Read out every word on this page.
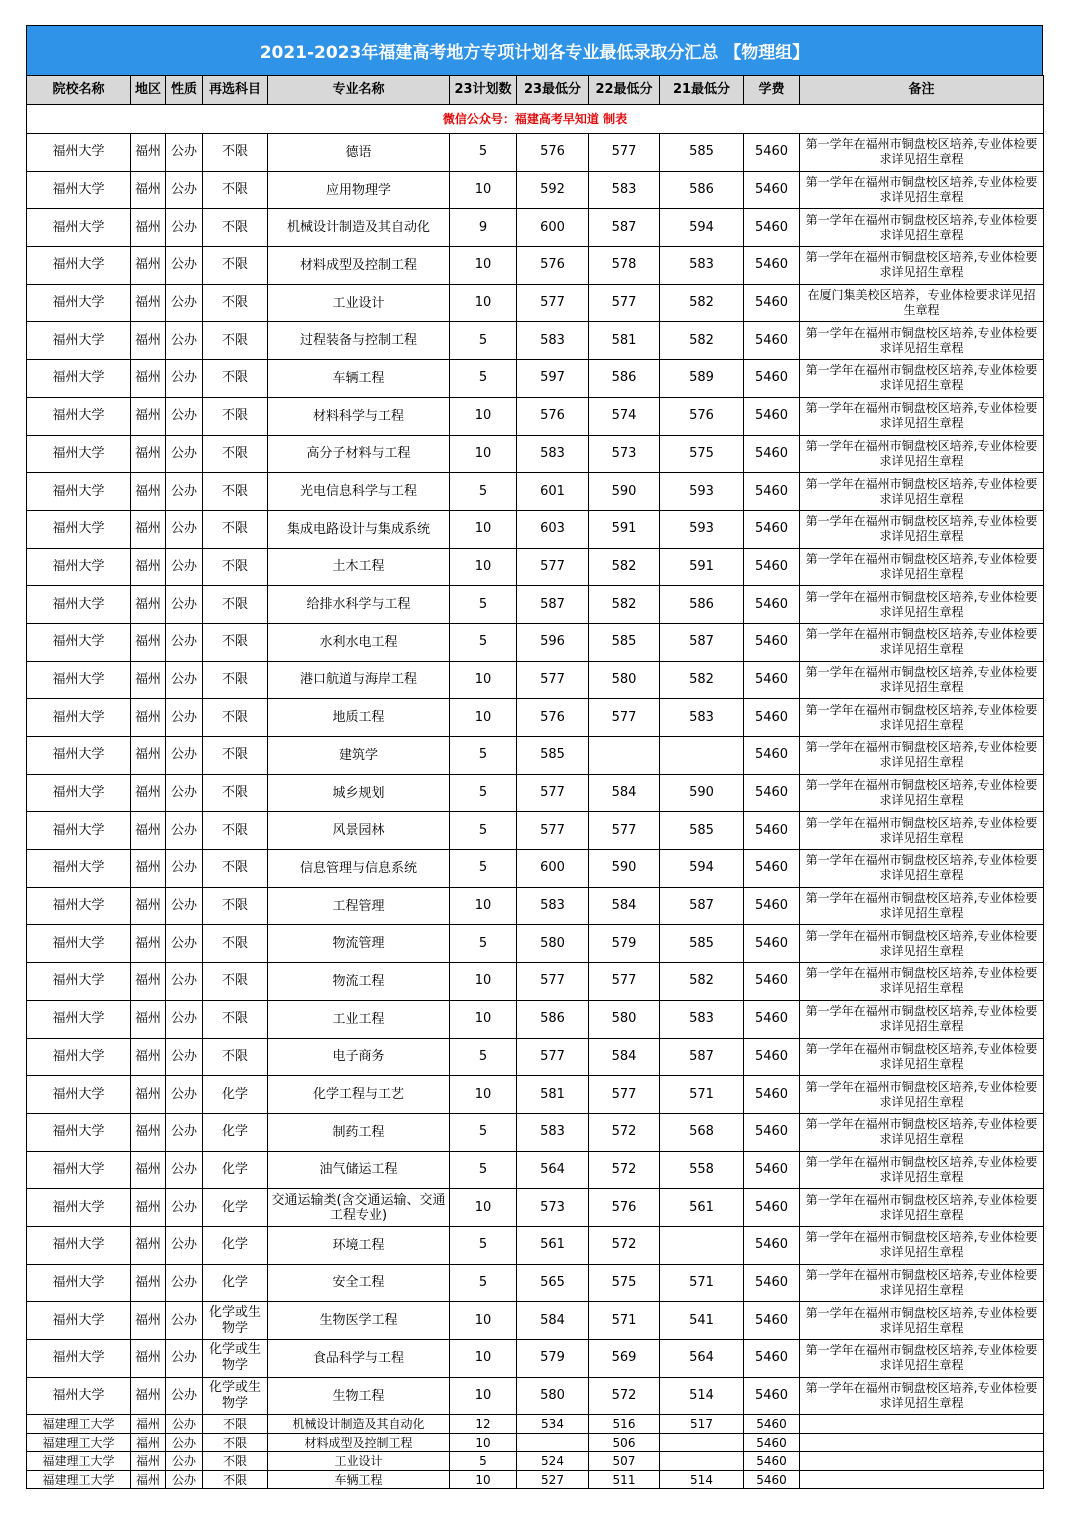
2021-2023年福建高考地方专项计划各专业最低录取分汇总 【物理组】
院校名称	地区	性质	再选科目	专业名称	23计划数	23最低分	22最低分	21最低分	学费	备注
微信公众号：福建高考早知道 制表										
福州大学	福州	公办	不限	德语	5	576	577	585	5460	第一学年在福州市铜盘校区培养,专业体检要求详见招生章程
福州大学	福州	公办	不限	应用物理学	10	592	583	586	5460	第一学年在福州市铜盘校区培养,专业体检要求详见招生章程
福州大学	福州	公办	不限	机械设计制造及其自动化	9	600	587	594	5460	第一学年在福州市铜盘校区培养,专业体检要求详见招生章程
福州大学	福州	公办	不限	材料成型及控制工程	10	576	578	583	5460	第一学年在福州市铜盘校区培养,专业体检要求详见招生章程
福州大学	福州	公办	不限	工业设计	10	577	577	582	5460	在厦门集美校区培养，专业体检要求详见招生章程
福州大学	福州	公办	不限	过程装备与控制工程	5	583	581	582	5460	第一学年在福州市铜盘校区培养,专业体检要求详见招生章程
福州大学	福州	公办	不限	车辆工程	5	597	586	589	5460	第一学年在福州市铜盘校区培养,专业体检要求详见招生章程
福州大学	福州	公办	不限	材料科学与工程	10	576	574	576	5460	第一学年在福州市铜盘校区培养,专业体检要求详见招生章程
福州大学	福州	公办	不限	高分子材料与工程	10	583	573	575	5460	第一学年在福州市铜盘校区培养,专业体检要求详见招生章程
福州大学	福州	公办	不限	光电信息科学与工程	5	601	590	593	5460	第一学年在福州市铜盘校区培养,专业体检要求详见招生章程
福州大学	福州	公办	不限	集成电路设计与集成系统	10	603	591	593	5460	第一学年在福州市铜盘校区培养,专业体检要求详见招生章程
福州大学	福州	公办	不限	土木工程	10	577	582	591	5460	第一学年在福州市铜盘校区培养,专业体检要求详见招生章程
福州大学	福州	公办	不限	给排水科学与工程	5	587	582	586	5460	第一学年在福州市铜盘校区培养,专业体检要求详见招生章程
福州大学	福州	公办	不限	水利水电工程	5	596	585	587	5460	第一学年在福州市铜盘校区培养,专业体检要求详见招生章程
福州大学	福州	公办	不限	港口航道与海岸工程	10	577	580	582	5460	第一学年在福州市铜盘校区培养,专业体检要求详见招生章程
福州大学	福州	公办	不限	地质工程	10	576	577	583	5460	第一学年在福州市铜盘校区培养,专业体检要求详见招生章程
福州大学	福州	公办	不限	建筑学	5	585			5460	第一学年在福州市铜盘校区培养,专业体检要求详见招生章程
福州大学	福州	公办	不限	城乡规划	5	577	584	590	5460	第一学年在福州市铜盘校区培养,专业体检要求详见招生章程
福州大学	福州	公办	不限	风景园林	5	577	577	585	5460	第一学年在福州市铜盘校区培养,专业体检要求详见招生章程
福州大学	福州	公办	不限	信息管理与信息系统	5	600	590	594	5460	第一学年在福州市铜盘校区培养,专业体检要求详见招生章程
福州大学	福州	公办	不限	工程管理	10	583	584	587	5460	第一学年在福州市铜盘校区培养,专业体检要求详见招生章程
福州大学	福州	公办	不限	物流管理	5	580	579	585	5460	第一学年在福州市铜盘校区培养,专业体检要求详见招生章程
福州大学	福州	公办	不限	物流工程	10	577	577	582	5460	第一学年在福州市铜盘校区培养,专业体检要求详见招生章程
福州大学	福州	公办	不限	工业工程	10	586	580	583	5460	第一学年在福州市铜盘校区培养,专业体检要求详见招生章程
福州大学	福州	公办	不限	电子商务	5	577	584	587	5460	第一学年在福州市铜盘校区培养,专业体检要求详见招生章程
福州大学	福州	公办	化学	化学工程与工艺	10	581	577	571	5460	第一学年在福州市铜盘校区培养,专业体检要求详见招生章程
福州大学	福州	公办	化学	制药工程	5	583	572	568	5460	第一学年在福州市铜盘校区培养,专业体检要求详见招生章程
福州大学	福州	公办	化学	油气储运工程	5	564	572	558	5460	第一学年在福州市铜盘校区培养,专业体检要求详见招生章程
福州大学	福州	公办	化学	交通运输类(含交通运输、交通工程专业)	10	573	576	561	5460	第一学年在福州市铜盘校区培养,专业体检要求详见招生章程
福州大学	福州	公办	化学	环境工程	5	561	572		5460	第一学年在福州市铜盘校区培养,专业体检要求详见招生章程
福州大学	福州	公办	化学	安全工程	5	565	575	571	5460	第一学年在福州市铜盘校区培养,专业体检要求详见招生章程
福州大学	福州	公办	化学或生物学	生物医学工程	10	584	571	541	5460	第一学年在福州市铜盘校区培养,专业体检要求详见招生章程
福州大学	福州	公办	化学或生物学	食品科学与工程	10	579	569	564	5460	第一学年在福州市铜盘校区培养,专业体检要求详见招生章程
福州大学	福州	公办	化学或生物学	生物工程	10	580	572	514	5460	第一学年在福州市铜盘校区培养,专业体检要求详见招生章程
福建理工大学	福州	公办	不限	机械设计制造及其自动化	12	534	516	517	5460	
福建理工大学	福州	公办	不限	材料成型及控制工程	10		506		5460	
福建理工大学	福州	公办	不限	工业设计	5	524	507		5460	
福建理工大学	福州	公办	不限	车辆工程	10	527	511	514	5460	
